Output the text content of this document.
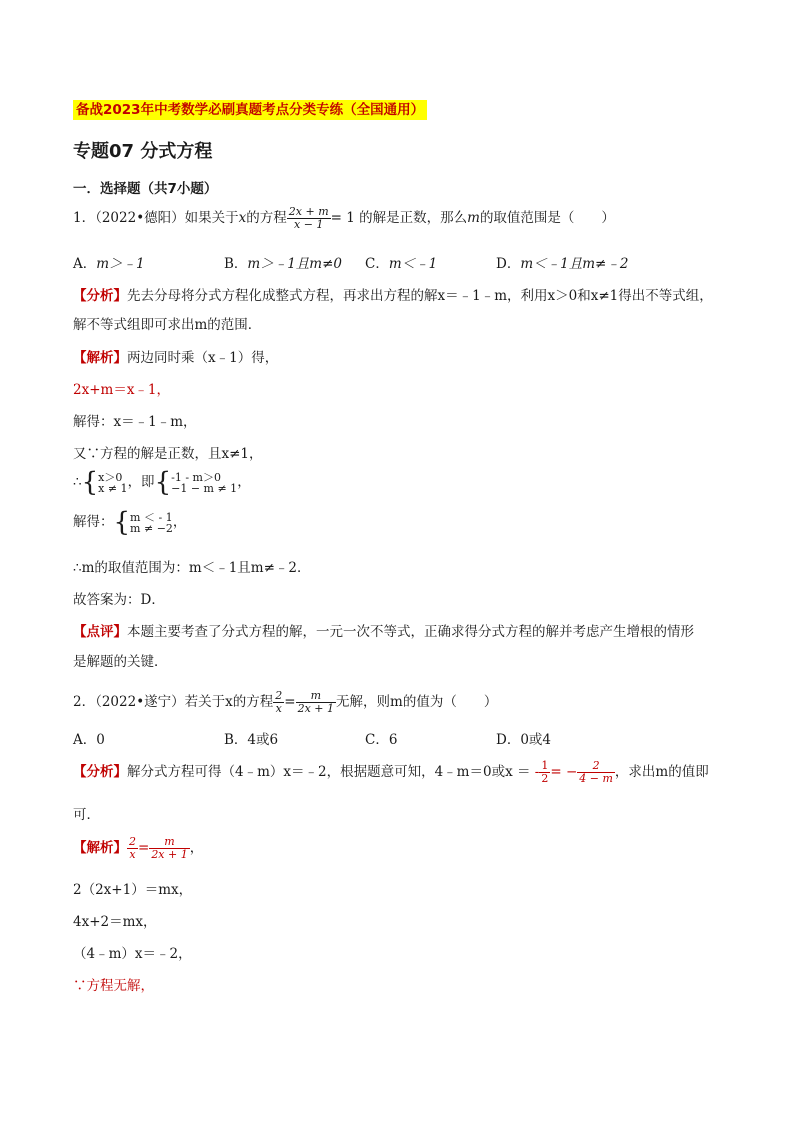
备战2023年中考数学必刷真题考点分类专练（全国通用）
专题07 分式方程
一．选择题（共7小题）
1．（2022•德阳）如果关于x的方程 $\frac{2x + m}{x - 1} = 1$ 的解是正数，那么m的取值范围是（　　）
A．m＞﹣1	B．m＞﹣1且m≠0 C．m＜﹣1	D．m＜﹣1且m≠﹣2
【分析】先去分母将分式方程化成整式方程，再求出方程的解x＝﹣1﹣m，利用x＞0和x≠1得出不等式组，
解不等式组即可求出m的范围．
【解析】两边同时乘（x﹣1）得，
2x+m＝x﹣1，
解得：x＝﹣1﹣m，
又∵方程的解是正数，且x≠1，
∴{ x＞0
x ≠ 1 ，即{ -1 - m＞0
−1 − m ≠ 1 ，
解得：{ m ＜ - 1
m ≠ −2 ，
∴m的取值范围为：m＜﹣1且m≠﹣2．
故答案为：D．
【点评】本题主要考查了分式方程的解，一元一次不等式，正确求得分式方程的解并考虑产生增根的情形
是解题的关键．
2．（2022•遂宁）若关于x的方程 $\frac{2}{x} = \frac{m}{2x + 1}$ 无解，则m的值为（　　）
A．0	B．4或6	C．6	D．0或4
【分析】解分式方程可得（4﹣m）x＝﹣2，根据题意可知，4﹣m＝0或x ＝ - $\frac{1}{2}$ = − $\frac{2}{4 - m}$ ，求出m的值即
可．
【解析】 $\frac{2}{x} = \frac{m}{2x + 1}$ ，
2（2x+1）＝mx，
4x+2＝mx，
（4﹣m）x＝﹣2，
∵方程无解，
